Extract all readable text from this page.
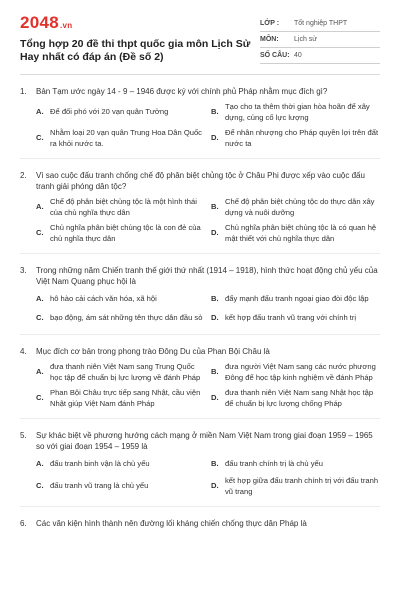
2048.vn
Tổng hợp 20 đề thi thpt quốc gia môn Lịch Sử Hay nhất có đáp án (Đề số 2)
LỚP :	Tốt nghiệp THPT
MÔN:	Lịch sử
SỐ CÂU: 40
1.	Bản Tạm ước ngày 14 - 9 – 1946 được ký với chính phủ Pháp nhằm mục đích gì?
A. Để đối phó với 20 vạn quân Tưởng	B.
Tạo cho ta thêm thời gian hòa hoãn để xây dựng, củng cố lực lượng
C.
Nhằm loại 20 vạn quân Trung Hoa Dân Quốc ra khỏi nước ta.
D.
Để nhân nhượng cho Pháp quyền lợi trên đất nước ta
2.	Vì sao cuộc đấu tranh chống chế độ phân biệt chủng tộc ở Châu Phi được xếp vào cuộc đấu tranh giải phóng dân tộc?
A.
Chế độ phân biệt chủng tộc là một hình thái của chủ nghĩa thực dân
B.
Chế độ phân biệt chủng tộc do thực dân xây dựng và nuôi dưỡng
C.
Chủ nghĩa phân biệt chủng tộc là con đẻ của chủ nghĩa thực dân
D.
Chủ nghĩa phân biệt chủng tộc là có quan hệ mật thiết với chủ nghĩa thực dân
3.	Trong những năm Chiến tranh thế giới thứ nhất (1914 – 1918), hình thức hoạt động chủ yếu của Việt Nam Quang phục hội là
A. hô hào cải cách văn hóa, xã hội	B. đẩy mạnh đấu tranh ngoại giao đòi độc lập
C. bạo động, ám sát những tên thực dân đầu sỏ	D. kết hợp đấu tranh vũ trang với chính trị
4.	Mục đích cơ bản trong phong trào Đông Du của Phan Bội Châu là
A.
đưa thanh niên Việt Nam sang Trung Quốc học tập để chuẩn bị lực lượng về đánh Pháp
B.
đưa người Việt Nam sang các nước phương Đông để học tập kinh nghiệm về đánh Pháp
C.
Phan Bội Châu trực tiếp sang Nhật, cầu viện Nhật giúp Việt Nam đánh Pháp
D.
đưa thanh niên Việt Nam sang Nhật học tập để chuẩn bị lực lượng chống Pháp
5.	Sự khác biệt về phương hướng cách mạng ở miền Nam Việt Nam trong giai đoạn 1959 – 1965 so với giai đoạn 1954 – 1959 là
A. đấu tranh binh vận là chủ yếu	B. đấu tranh chính trị là chủ yếu
C. đấu tranh vũ trang là chủ yếu	D.
kết hợp giữa đấu tranh chính trị với đấu tranh vũ trang
6.	Các văn kiện hình thành nên đường lối kháng chiến chống thực dân Pháp là
